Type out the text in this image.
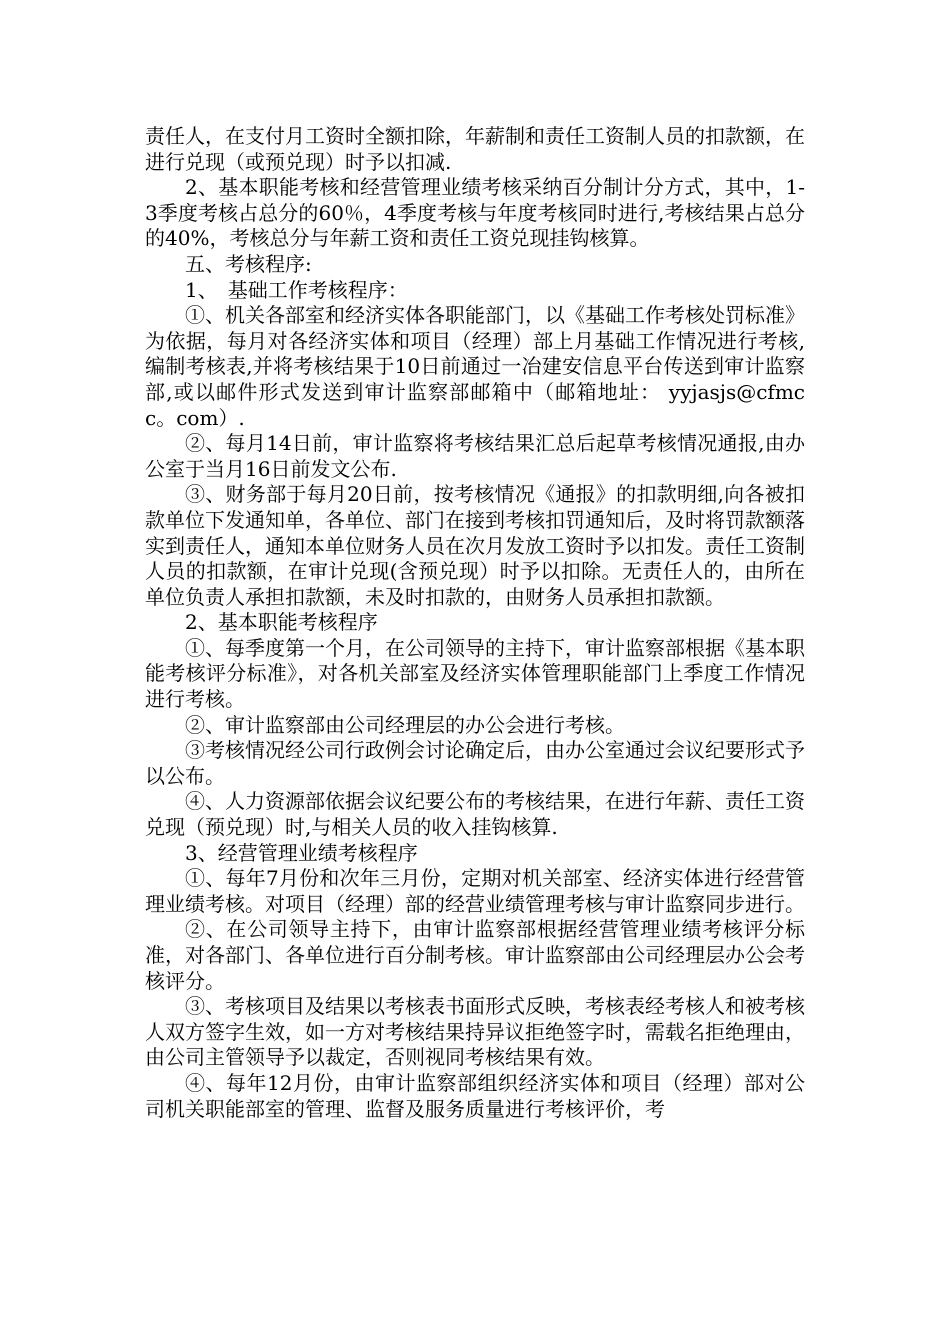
责任人，在支付月工资时全额扣除，年薪制和责任工资制人员的扣款额，在进行兑现（或预兑现）时予以扣减.

2、基本职能考核和经营管理业绩考核采纳百分制计分方式，其中，1-3季度考核占总分的60％，4季度考核与年度考核同时进行,考核结果占总分的40%，考核总分与年薪工资和责任工资兑现挂钩核算。

五、考核程序:

1、　基础工作考核程序：

①、机关各部室和经济实体各职能部门，以《基础工作考核处罚标准》为依据，每月对各经济实体和项目（经理）部上月基础工作情况进行考核,编制考核表,并将考核结果于10日前通过一冶建安信息平台传送到审计监察部,或以邮件形式发送到审计监察部邮箱中（邮箱地址： yyjasjs@cfmcc。com）.

②、每月14日前，审计监察将考核结果汇总后起草考核情况通报,由办公室于当月16日前发文公布.

③、财务部于每月20日前，按考核情况《通报》的扣款明细,向各被扣款单位下发通知单，各单位、部门在接到考核扣罚通知后，及时将罚款额落实到责任人，通知本单位财务人员在次月发放工资时予以扣发。责任工资制人员的扣款额，在审计兑现(含预兑现）时予以扣除。无责任人的，由所在单位负责人承担扣款额，未及时扣款的，由财务人员承担扣款额。

2、基本职能考核程序

①、每季度第一个月，在公司领导的主持下，审计监察部根据《基本职能考核评分标准》，对各机关部室及经济实体管理职能部门上季度工作情况进行考核。

②、审计监察部由公司经理层的办公会进行考核。

③考核情况经公司行政例会讨论确定后，由办公室通过会议纪要形式予以公布。

④、人力资源部依据会议纪要公布的考核结果，在进行年薪、责任工资兑现（预兑现）时,与相关人员的收入挂钩核算.

3、经营管理业绩考核程序

①、每年7月份和次年三月份，定期对机关部室、经济实体进行经营管理业绩考核。对项目（经理）部的经营业绩管理考核与审计监察同步进行。

②、在公司领导主持下，由审计监察部根据经营管理业绩考核评分标准，对各部门、各单位进行百分制考核。审计监察部由公司经理层办公会考核评分。

③、考核项目及结果以考核表书面形式反映，考核表经考核人和被考核人双方签字生效，如一方对考核结果持异议拒绝签字时，需载名拒绝理由，由公司主管领导予以裁定，否则视同考核结果有效。

④、每年12月份，由审计监察部组织经济实体和项目（经理）部对公司机关职能部室的管理、监督及服务质量进行考核评价，考
